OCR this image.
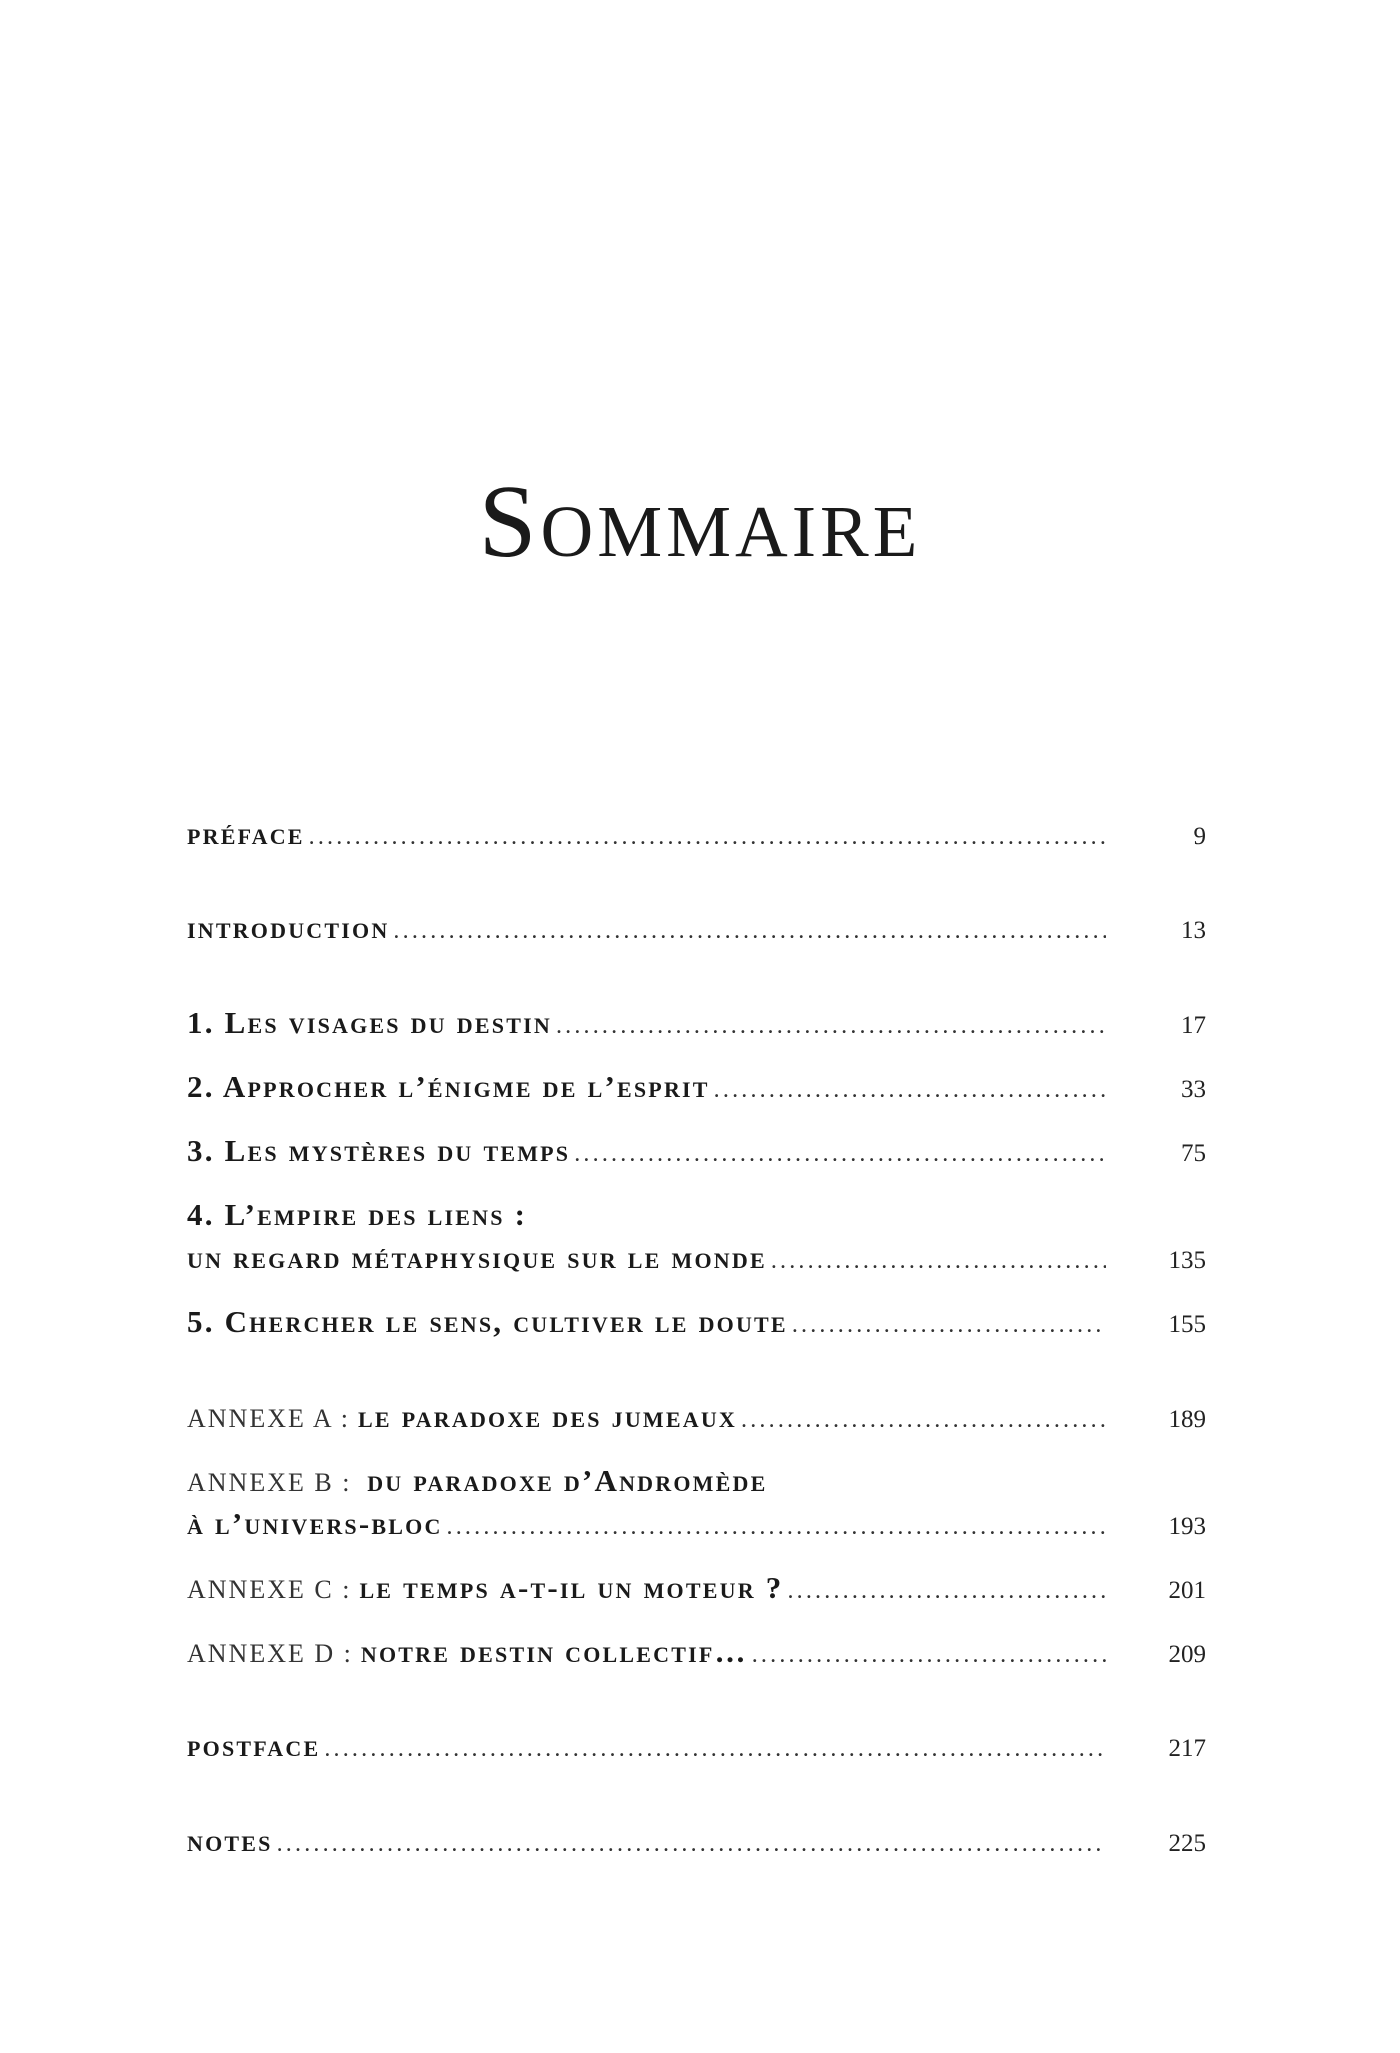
Sommaire
préface .....	9
introduction .....	13
1. Les visages du destin .....	17
2. Approcher l’énigme de l’esprit .....	33
3. Les mystères du temps .....	75
4. L’empire des liens :
un regard métaphysique sur le monde .....	135
5. Chercher le sens, cultiver le doute .....	155
ANNEXE A : le paradoxe des jumeaux .....	189
ANNEXE B : du paradoxe d’Andromède
à l’univers-bloc .....	193
ANNEXE C : le temps a-t-il un moteur ? .....	201
ANNEXE D : notre destin collectif… .....	209
postface .....	217
notes .....	225
